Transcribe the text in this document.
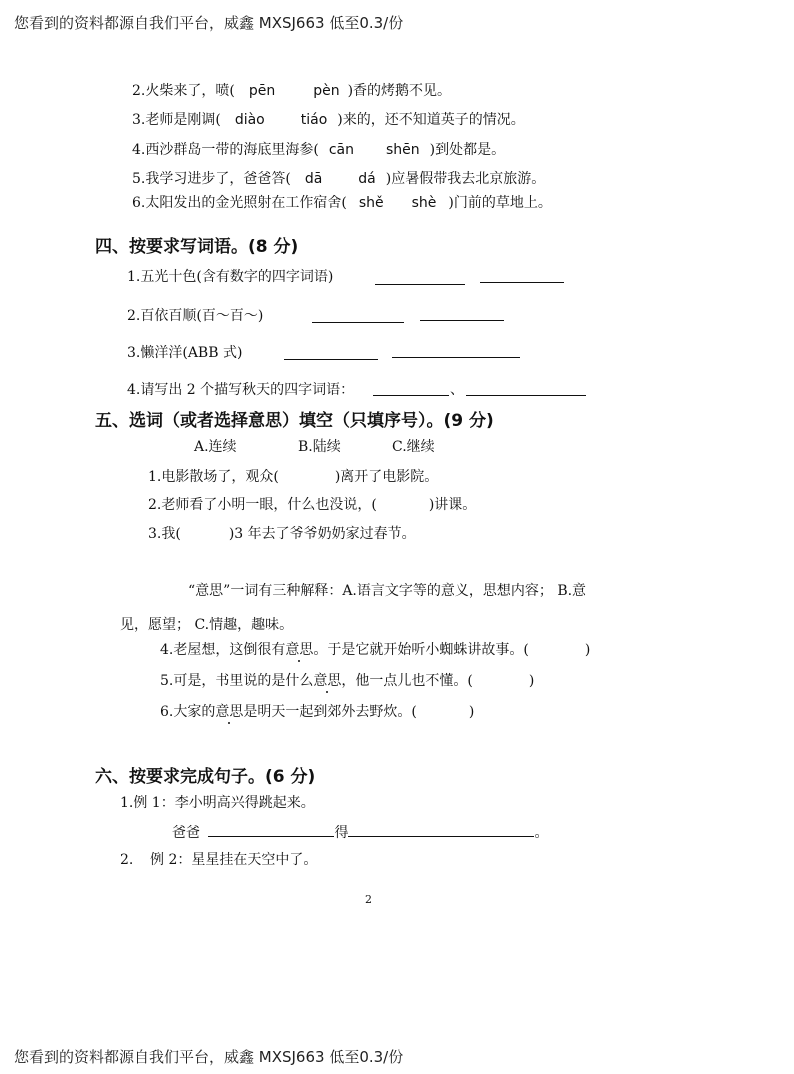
您看到的资料都源自我们平台，威鑫 MXSJ663 低至0.3/份
2.火柴来了，喷( pēn	pèn )香的烤鹅不见。
3.老师是刚调( diào	tiáo )来的，还不知道英子的情况。
4.西沙群岛一带的海底里海参( cān shēn )到处都是。
5.我学习进步了，爸爸答( dā	dá )应暑假带我去北京旅游。
6.太阳发出的金光照射在工作宿舍( shě shè )门前的草地上。
四、按要求写词语。(8 分)
1.五光十色(含有数字的四字词语)
2.百依百顺(百～百～)
3.懒洋洋(ABB 式)
4.请写出 2 个描写秋天的四字词语：	、
五、选词（或者选择意思）填空（只填序号）。(9 分)
A.连续	B.陆续	C.继续
1.电影散场了，观众(	)离开了电影院。
2.老师看了小明一眼，什么也没说，(	)讲课。
3.我(	)3 年去了爷爷奶奶家过春节。
“意思”一词有三种解释：A.语言文字等的意义，思想内容； B.意
见，愿望； C.情趣，趣味。
4.老屋想，这倒很有意思。于是它就开始听小蜘蛛讲故事。(	)
5.可是，书里说的是什么意思，他一点儿也不懂。(	)
6.大家的意思是明天一起到郊外去野炊。(	)
六、按要求完成句子。(6 分)
1.例 1：李小明高兴得跳起来。
爸爸	得	。
2. 例 2：星星挂在天空中了。
2
您看到的资料都源自我们平台，威鑫 MXSJ663 低至0.3/份
